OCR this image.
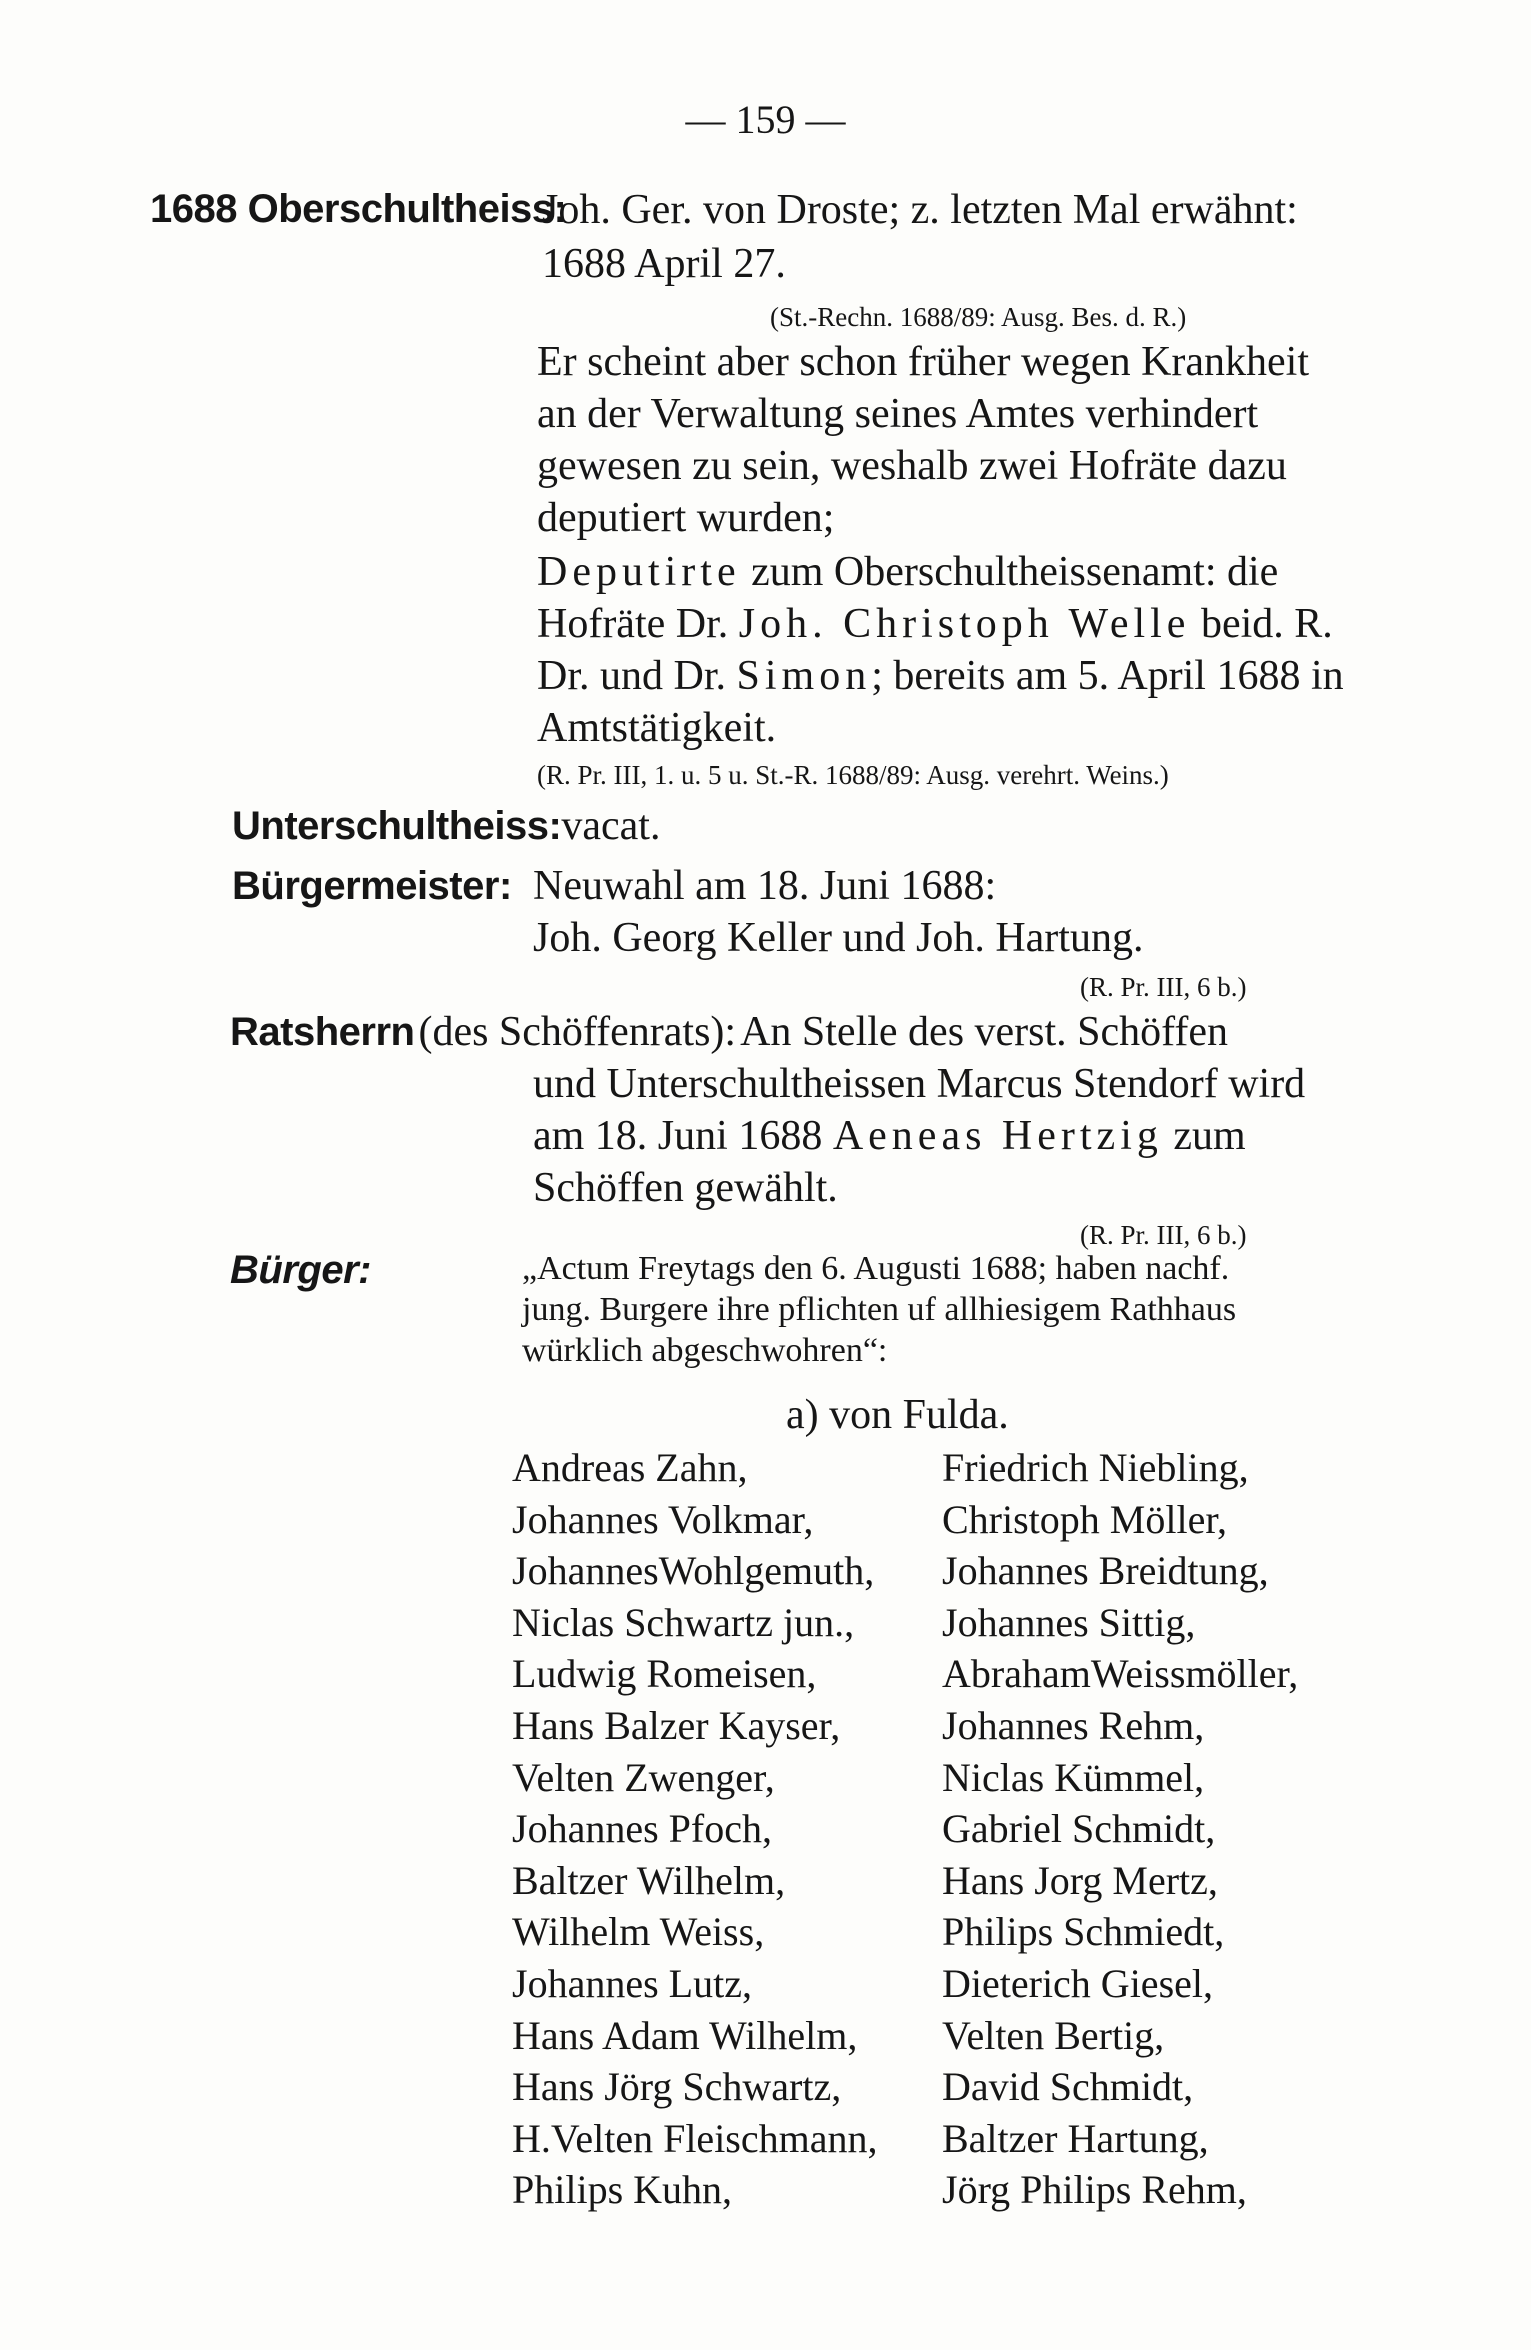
— 159 —
1688 Oberschultheiss:
Joh. Ger. von Droste; z. letzten Mal erwähnt:
1688 April 27.
(St.-Rechn. 1688/89: Ausg. Bes. d. R.)
Er scheint aber schon früher wegen Krankheit an der Verwaltung seines Amtes verhindert gewesen zu sein, weshalb zwei Hofräte dazu deputiert wurden;
Deputirte zum Oberschultheissenamt: die Hofräte Dr. Joh. Christoph Welle beid. R. Dr. und Dr. Simon; bereits am 5. April 1688 in Amtstätigkeit.
(R. Pr. III, 1. u. 5 u. St.-R. 1688/89: Ausg. verehrt. Weins.)
Unterschultheiss:vacat.
Bürgermeister: Neuwahl am 18. Juni 1688:
Joh. Georg Keller und Joh. Hartung.
(R. Pr. III, 6 b.)
Ratsherrn (des Schöffenrats): An Stelle des verst. Schöffen
und Unterschultheissen Marcus Stendorf wird
am 18. Juni 1688 Aeneas Hertzig zum
Schöffen gewählt.
(R. Pr. III, 6 b.)
Bürger:	„Actum Freytags den 6. Augusti 1688; haben nachf.
jung. Burgere ihre pflichten uf allhiesigem Rathhaus
würklich abgeschwohren“:
a) von Fulda.
Andreas Zahn,
Johannes Volkmar,
JohannesWohlgemuth,
Niclas Schwartz jun.,
Ludwig Romeisen,
Hans Balzer Kayser,
Velten Zwenger,
Johannes Pfoch,
Baltzer Wilhelm,
Wilhelm Weiss,
Johannes Lutz,
Hans Adam Wilhelm,
Hans Jörg Schwartz,
H.Velten Fleischmann,
Philips Kuhn,
Friedrich Niebling,
Christoph Möller,
Johannes Breidtung,
Johannes Sittig,
AbrahamWeissmöller,
Johannes Rehm,
Niclas Kümmel,
Gabriel Schmidt,
Hans Jorg Mertz,
Philips Schmiedt,
Dieterich Giesel,
Velten Bertig,
David Schmidt,
Baltzer Hartung,
Jörg Philips Rehm,
